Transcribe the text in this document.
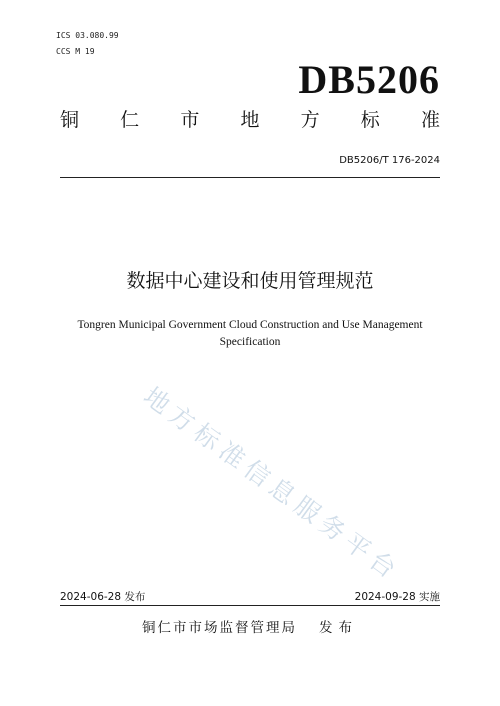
ICS 03.080.99
CCS M 19
DB5206
铜 仁 市 地 方 标 准
DB5206/T 176-2024
数据中心建设和使用管理规范
Tongren Municipal Government Cloud Construction and Use Management
Specification
地方标准信息服务平台
2024-06-28 发布	2024-09-28 实施
铜仁市市场监督管理局 发布
